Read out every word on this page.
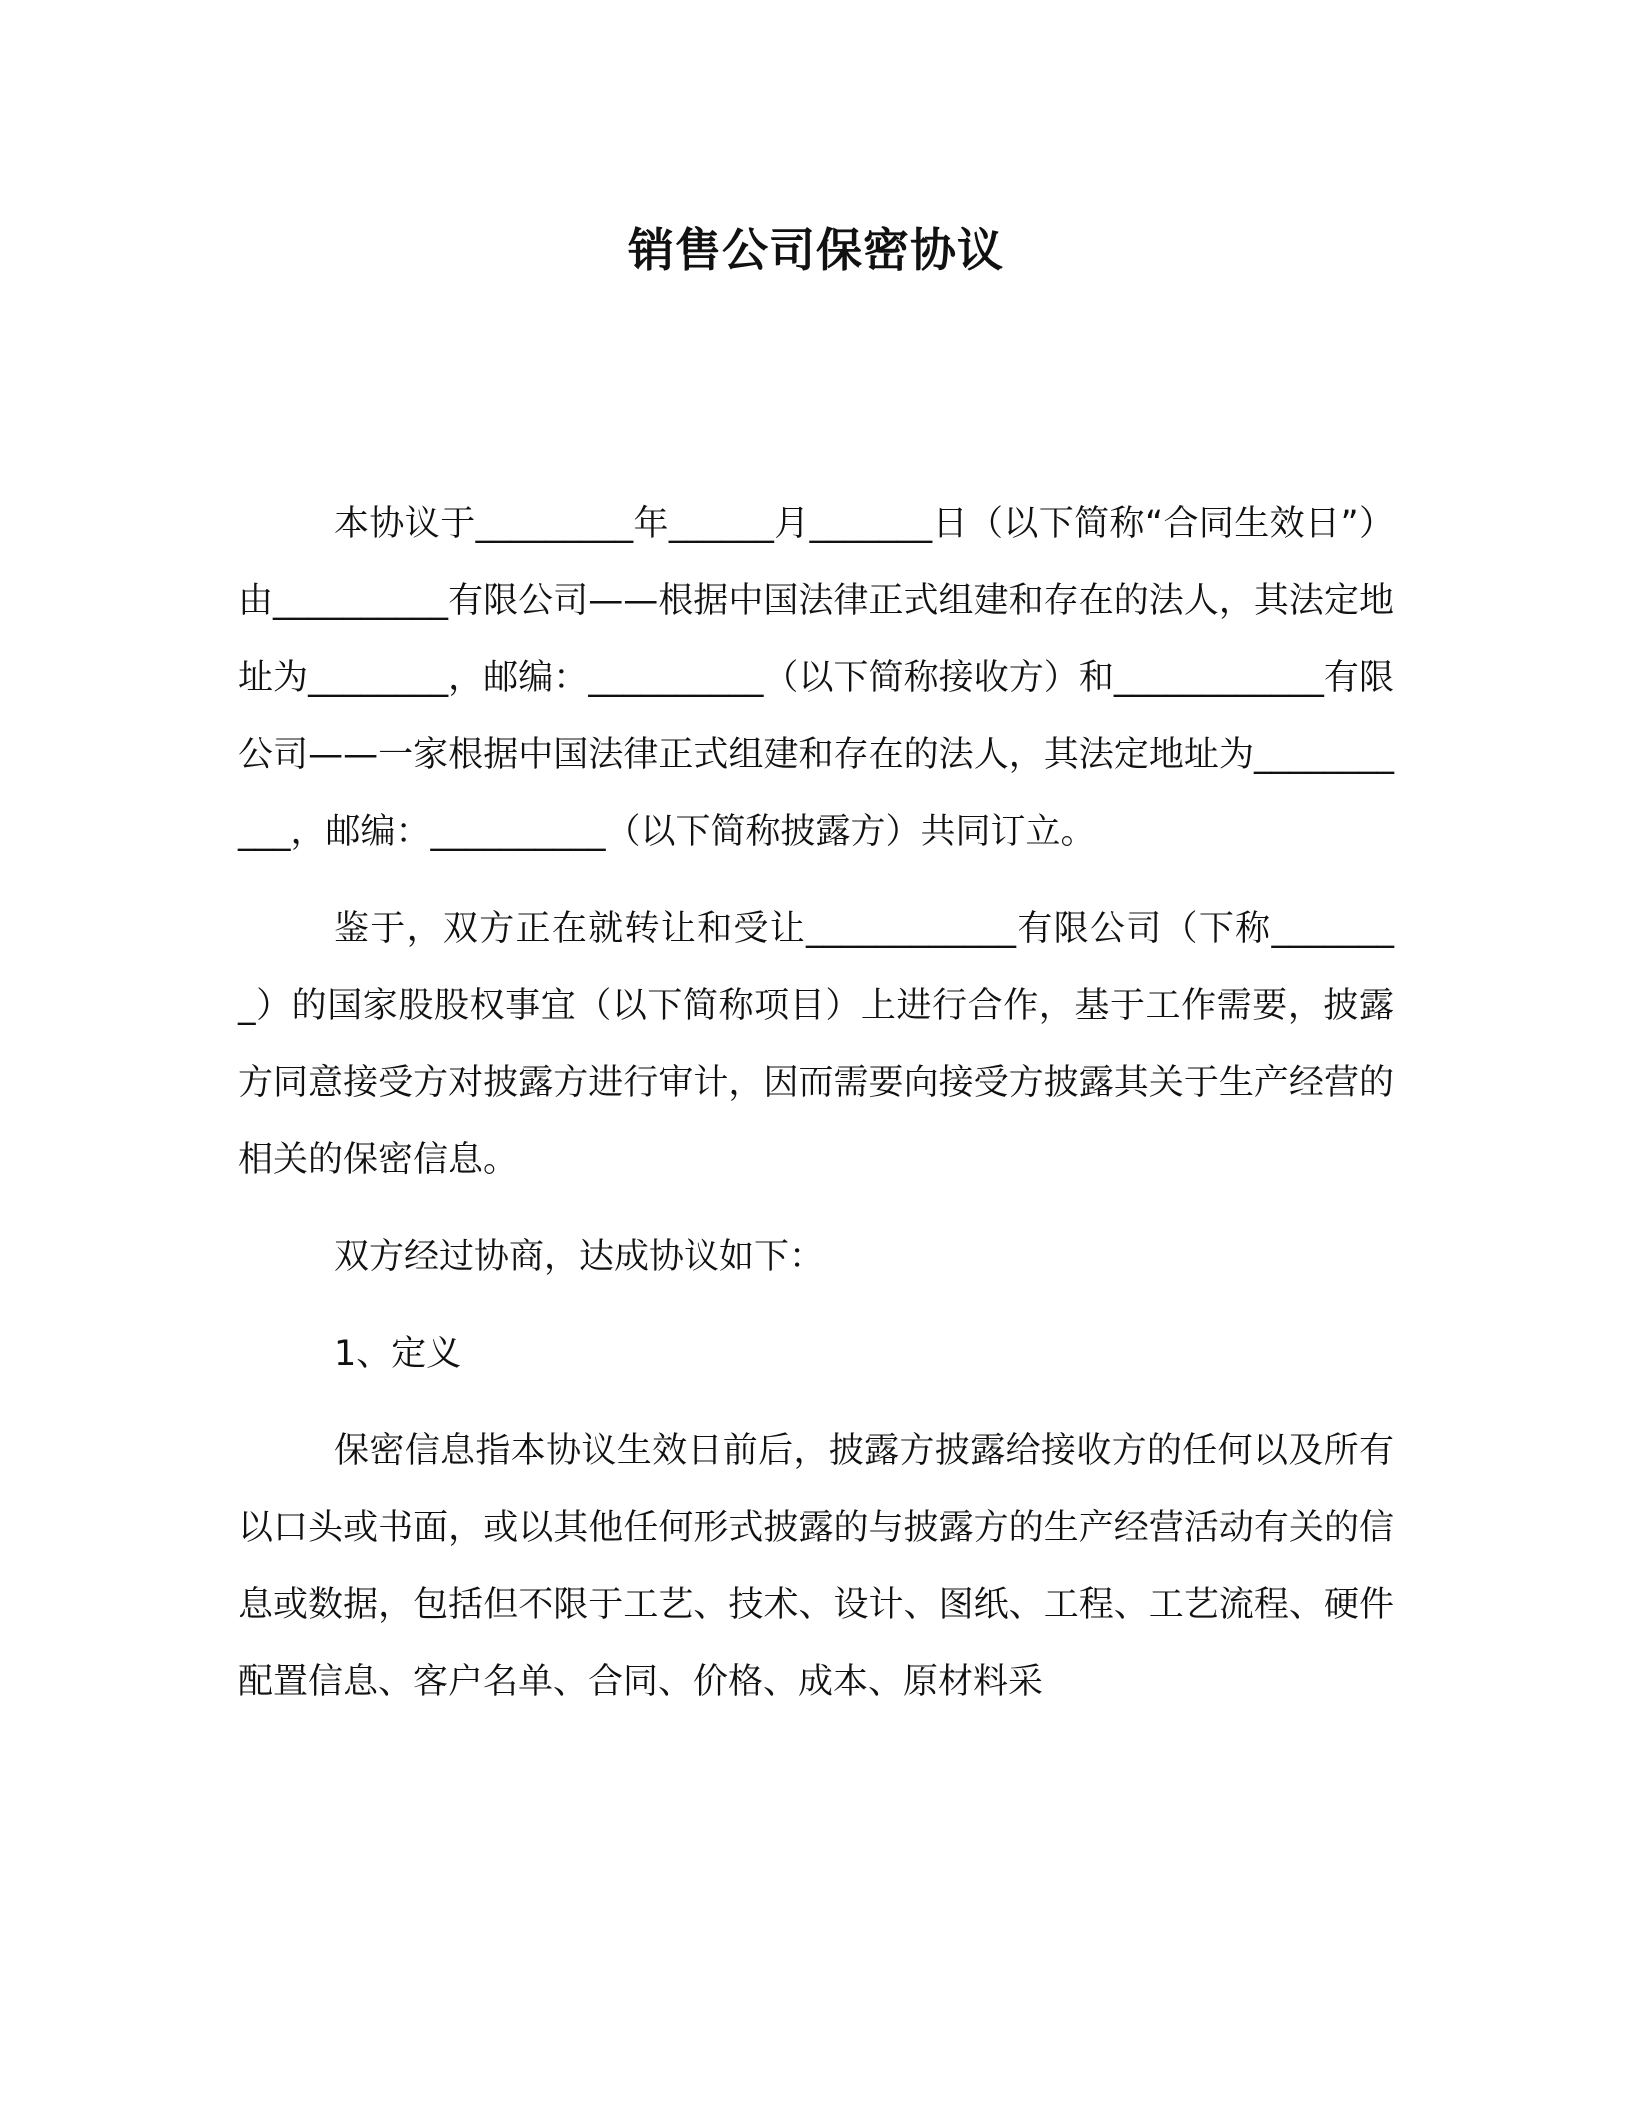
销售公司保密协议

本协议于_________年______月_______日（以下简称“合同生效日”）由__________有限公司——根据中国法律正式组建和存在的法人，其法定地址为________，邮编：__________（以下简称接收方）和____________有限公司——一家根据中国法律正式组建和存在的法人，其法定地址为___________，邮编：__________（以下简称披露方）共同订立。

鉴于，双方正在就转让和受让____________有限公司（下称________）的国家股股权事宜（以下简称项目）上进行合作，基于工作需要，披露方同意接受方对披露方进行审计，因而需要向接受方披露其关于生产经营的相关的保密信息。

双方经过协商，达成协议如下：

1、定义

保密信息指本协议生效日前后，披露方披露给接收方的任何以及所有以口头或书面，或以其他任何形式披露的与披露方的生产经营活动有关的信息或数据，包括但不限于工艺、技术、设计、图纸、工程、工艺流程、硬件配置信息、客户名单、合同、价格、成本、原材料采
